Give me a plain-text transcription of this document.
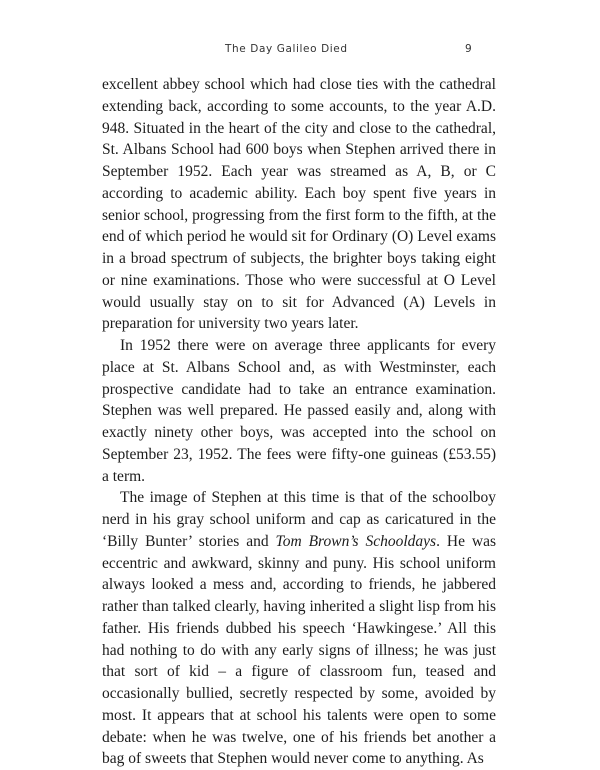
The Day Galileo Died	9

excellent abbey school which had close ties with the cathedral extending back, according to some accounts, to the year A.D. 948. Situated in the heart of the city and close to the cathedral, St. Albans School had 600 boys when Stephen arrived there in September 1952. Each year was streamed as A, B, or C according to academic ability. Each boy spent five years in senior school, progressing from the first form to the fifth, at the end of which period he would sit for Ordinary (O) Level exams in a broad spectrum of subjects, the brighter boys taking eight or nine examinations. Those who were successful at O Level would usually stay on to sit for Advanced (A) Levels in preparation for university two years later.

In 1952 there were on average three applicants for every place at St. Albans School and, as with Westminster, each prospective candidate had to take an entrance examination. Stephen was well prepared. He passed easily and, along with exactly ninety other boys, was accepted into the school on September 23, 1952. The fees were fifty-one guineas (£53.55) a term.

The image of Stephen at this time is that of the schoolboy nerd in his gray school uniform and cap as caricatured in the ‘Billy Bunter’ stories and Tom Brown’s Schooldays. He was eccentric and awkward, skinny and puny. His school uniform always looked a mess and, according to friends, he jabbered rather than talked clearly, having inherited a slight lisp from his father. His friends dubbed his speech ‘Hawkingese.’ All this had nothing to do with any early signs of illness; he was just that sort of kid – a figure of classroom fun, teased and occasionally bullied, secretly respected by some, avoided by most. It appears that at school his talents were open to some debate: when he was twelve, one of his friends bet another a bag of sweets that Stephen would never come to anything. As
